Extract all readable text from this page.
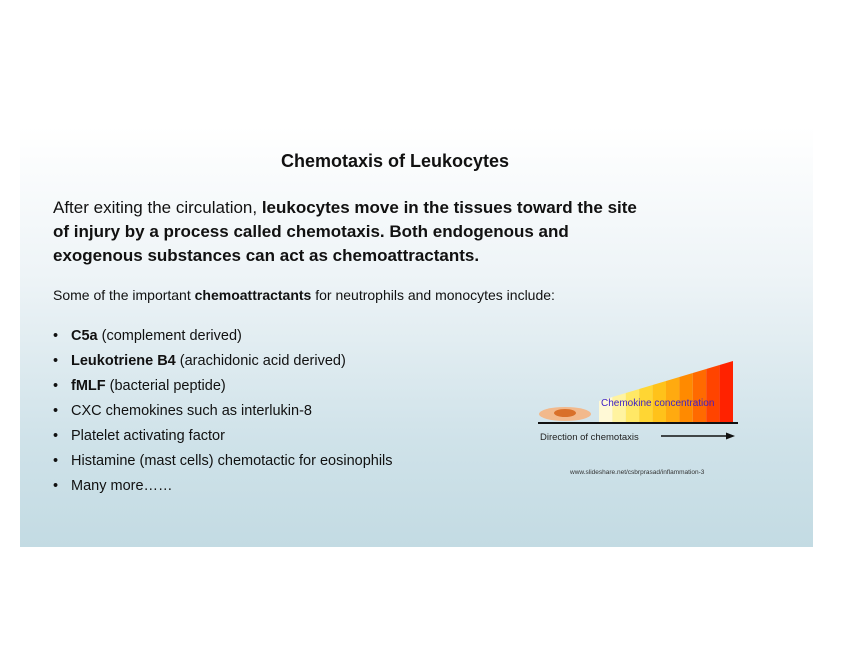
Chemotaxis of Leukocytes
After exiting the circulation, leukocytes move in the tissues toward the site of injury by a process called chemotaxis. Both endogenous and exogenous substances can act as chemoattractants.
Some of the important chemoattractants for neutrophils and monocytes include:
• C5a (complement derived)
• Leukotriene B4 (arachidonic acid derived)
• fMLF (bacterial peptide)
• CXC chemokines such as interlukin-8
• Platelet activating factor
• Histamine (mast cells) chemotactic for eosinophils
• Many more……
Chemokine concentration
Direction of chemotaxis
www.slideshare.net/csbrprasad/inflammation-3
